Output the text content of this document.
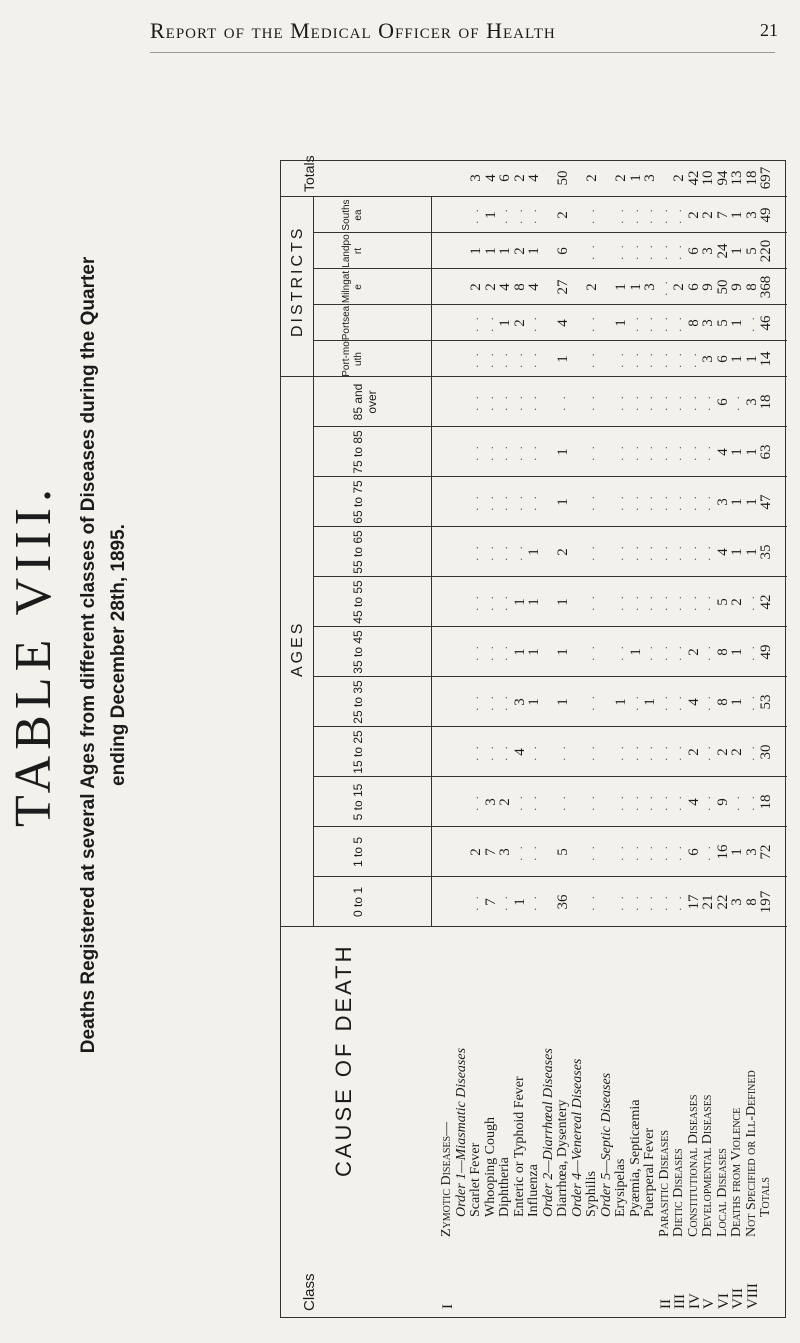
Report of the Medical Officer of Health	21
TABLE VIII. Deaths Registered at several Ages from different classes of Diseases during the Quarter ending December 28th, 1895.
CAUSE OF DEATH
Class
AGES
DISTRICTS
Totals
0 to 1
1 to 5
5 to 15
15 to 25
25 to 35
35 to 45
45 to 55
55 to 65
65 to 75
75 to 85
85 and over
Port-mouth
Portsea
Milngate
Landport
Southsea
I
Zymotic Diseases— Order 1—Miasmatic Diseases Scarlet Fever
. .
2
. .
. .
. .
. .
. .
. .
. .
. .
. .
. .
. .
2
1
. .
3
Whooping Cough
7
7
3
. .
. .
. .
. .
. .
. .
. .
. .
. .
. .
2
1
1
4
Diphtheria
. .
3
2
. .
. .
. .
. .
. .
. .
. .
. .
. .
1
4
1
. .
6
Enteric or Typhoid Fever
1
. .
. .
4
3
1
1
. .
. .
. .
. .
. .
2
8
2
. .
2
Influenza
. .
. .
. .
. .
1
1
1
1
. .
. .
. .
. .
. .
4
1
. .
4
Order 2—Diarrhœal Diseases Diarrhœa, Dysentery
36
5
. .
. .
1
1
1
2
1
1
. .
1
4
27
6
2
50
Order 4—Venereal Diseases Syphilis
. .
. .
. .
. .
. .
. .
. .
. .
. .
. .
. .
. .
. .
2
. .
. .
2
Order 5—Septic Diseases Erysipelas
. .
. .
. .
. .
1
. .
. .
. .
. .
. .
. .
. .
1
1
. .
. .
2
Pyæmia, Septicæmia
. .
. .
. .
. .
. .
1
. .
. .
. .
. .
. .
. .
. .
1
. .
. .
1
Puerperal Fever
. .
. .
. .
. .
1
. .
. .
. .
. .
. .
. .
. .
. .
3
. .
. .
3
II
Parasitic Diseases
. .
. .
. .
. .
. .
. .
. .
. .
. .
. .
. .
. .
. .
. .
. .
. .
III
Dietic Diseases
. .
. .
. .
. .
. .
. .
. .
. .
. .
. .
. .
. .
. .
2
. .
. .
2
IV
Constitutional Diseases
17
6
4
2
4
2
. .
. .
. .
. .
. .
. .
8
6
6
2
42
V
Developmental Diseases
21
. .
. .
. .
. .
. .
. .
. .
. .
. .
. .
3
3
9
3
2
10
VI
Local Diseases
22
16
9
2
8
8
5
4
3
4
6
6
5
50
24
7
94
VII
Deaths from Violence
3
1
. .
2
1
1
2
1
1
1
. .
1
1
9
1
1
13
VIII
Not Specified or Ill-Defined
8
3
. .
. .
. .
. .
. .
1
1
1
3
1
. .
8
5
3
18
Totals
197
72
18
30
53
49
42
35
47
63
18
14
46
368
220
49
697
